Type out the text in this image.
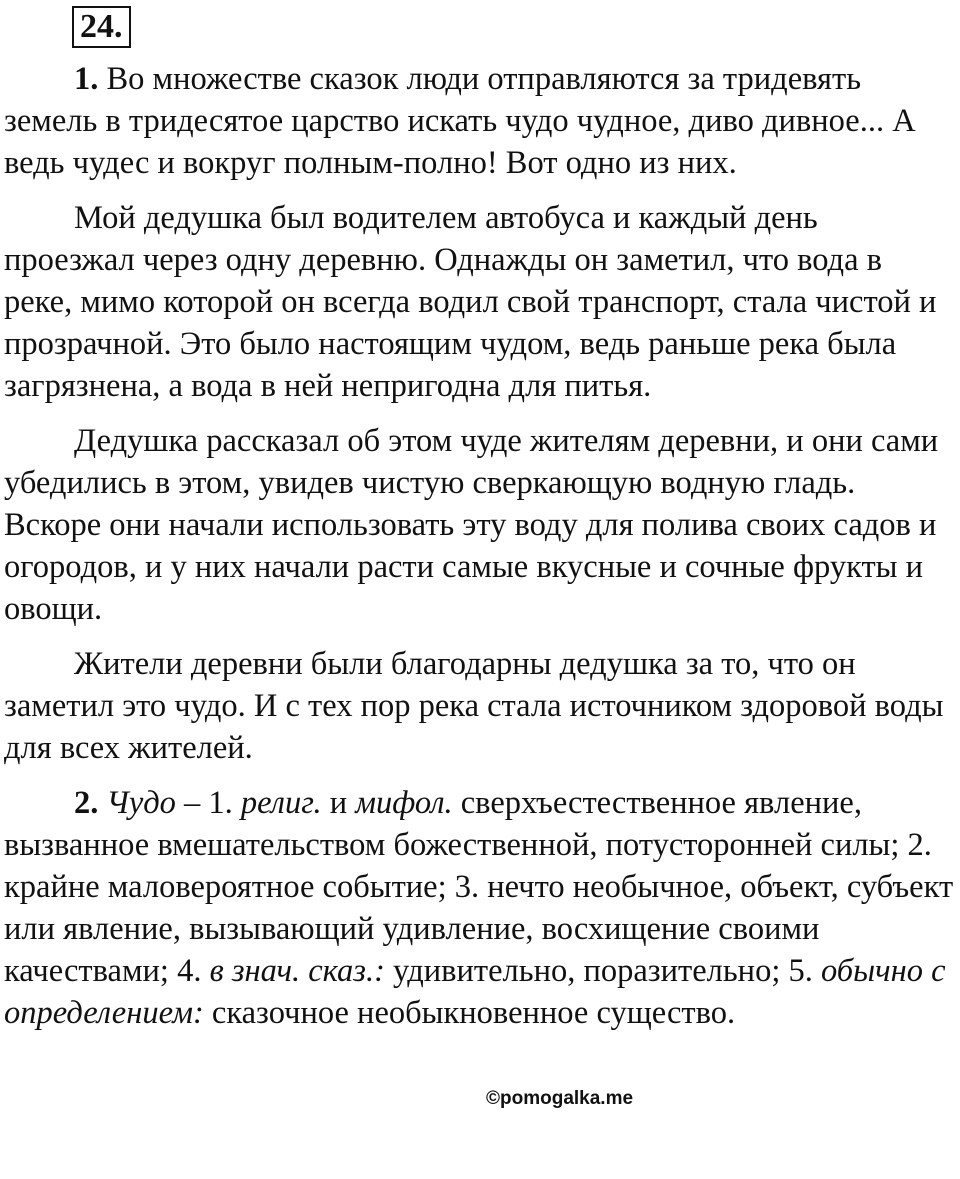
24.

1. Во множестве сказок люди отправляются за тридевять земель в тридесятое царство искать чудо чудное, диво дивное... А ведь чудес и вокруг полным-полно! Вот одно из них.

Мой дедушка был водителем автобуса и каждый день проезжал через одну деревню. Однажды он заметил, что вода в реке, мимо которой он всегда водил свой транспорт, стала чистой и прозрачной. Это было настоящим чудом, ведь раньше река была загрязнена, а вода в ней непригодна для питья.

Дедушка рассказал об этом чуде жителям деревни, и они сами убедились в этом, увидев чистую сверкающую водную гладь. Вскоре они начали использовать эту воду для полива своих садов и огородов, и у них начали расти самые вкусные и сочные фрукты и овощи.

Жители деревни были благодарны дедушка за то, что он заметил это чудо. И с тех пор река стала источником здоровой воды для всех жителей.

2. Чудо – 1. религ. и мифол. сверхъестественное явление, вызванное вмешательством божественной, потусторонней силы; 2. крайне маловероятное событие; 3. нечто необычное, объект, субъект или явление, вызывающий удивление, восхищение своими качествами; 4. в знач. сказ.: удивительно, поразительно; 5. обычно с определением: сказочное необыкновенное существо.

©pomogalka.me
